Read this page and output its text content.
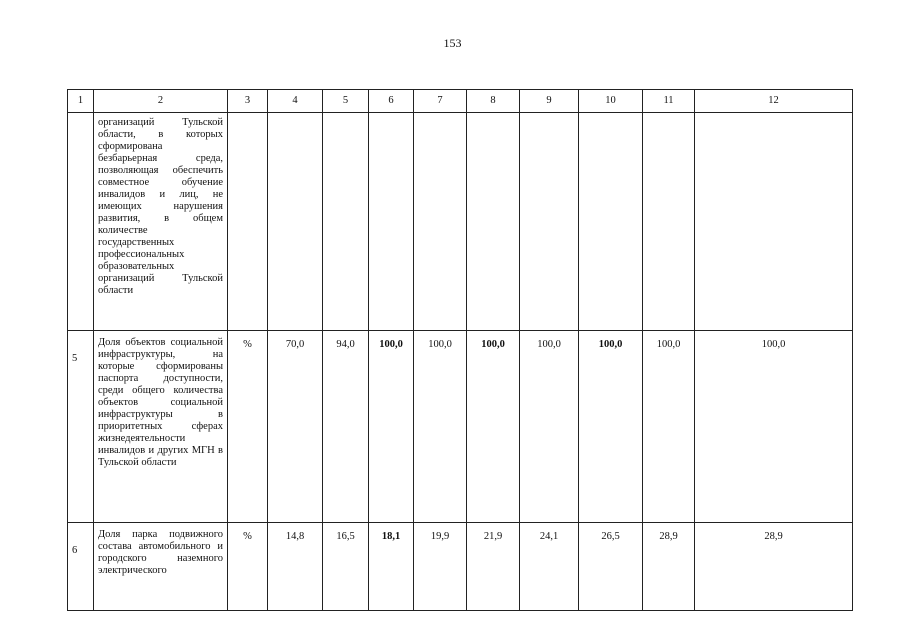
153
1	2	3	4	5	6	7	8	9	10	11	12

	организаций Тульской области, в которых сформирована безбарьерная среда, позволяющая обеспечить совместное обучение инвалидов и лиц, не имеющих нарушения развития, в общем количестве государственных профессиональных образовательных организаций Тульской области										

5	Доля объектов социальной инфраструктуры, на которые сформированы паспорта доступности, среди общего количества объектов социальной инфраструктуры в приоритетных сферах жизнедеятельности инвалидов и других МГН в Тульской области	%	70,0	94,0	100,0	100,0	100,0	100,0	100,0	100,0	100,0
6	Доля парка подвижного состава автомобильного и городского наземного электрического	%	14,8	16,5	18,1	19,9	21,9	24,1	26,5	28,9	28,9
